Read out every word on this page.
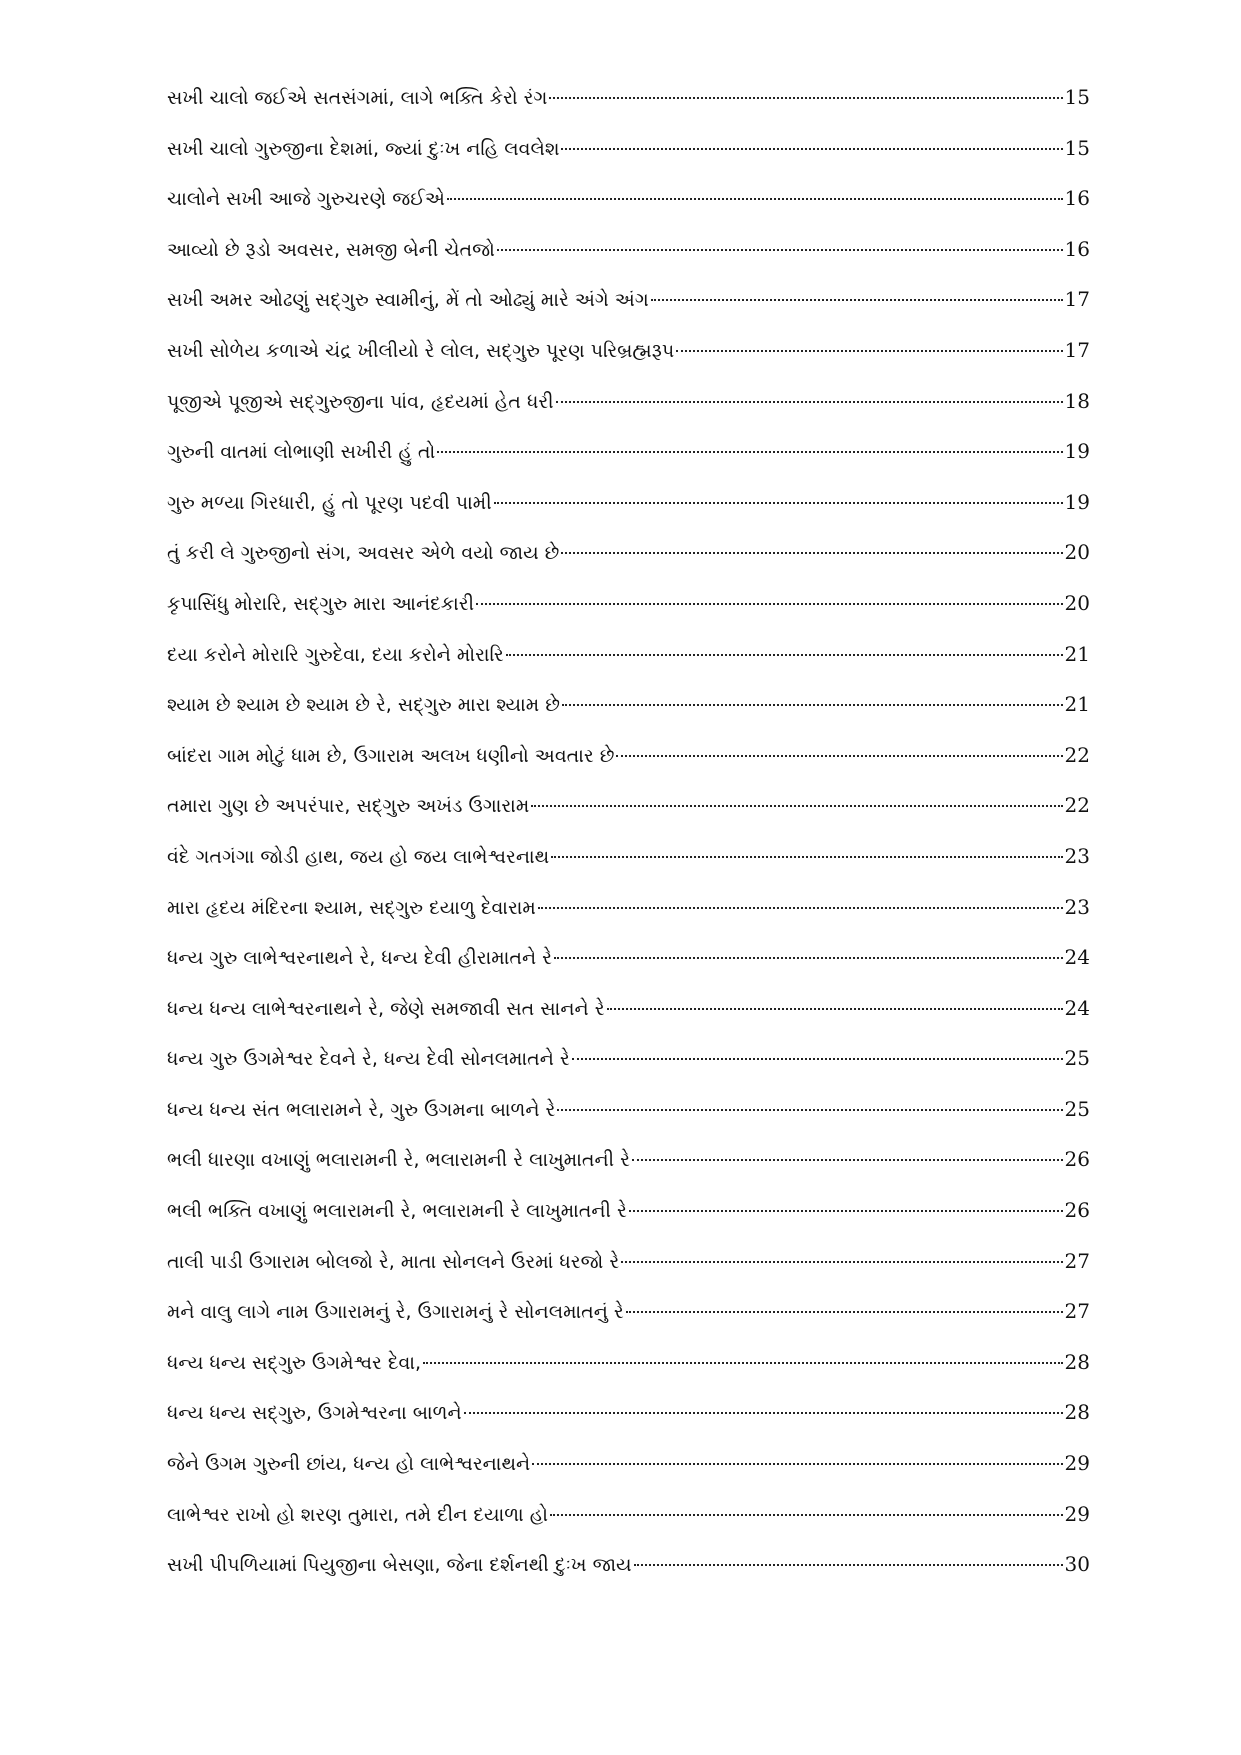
સખી ચાલો જઈએ સતસંગમાં, લાગે ભક્તિ કેરો રંગ	15
સખી ચાલો ગુરુજીના દેશમાં, જ્યાં દુઃખ નહિ લવલેશ	15
ચાલોને સખી આજે ગુરુચરણે જઈએ	16
આવ્યો છે રૂડો અવસર, સમજી બેની ચેતજો	16
સખી અમર ઓઢણું સદ્‌ગુરુ સ્વામીનું, મેં તો ઓઢ્યું મારે અંગે અંગ	17
સખી સોળેય કળાએ ચંદ્ર ખીલીયો રે લોલ, સદ્‌ગુરુ પૂરણ પરિબ્રહ્મરૂપ	17
પૂજીએ પૂજીએ સદ્‌ગુરુજીના પાંવ, હૃદયમાં હેત ધરી	18
ગુરુની વાતમાં લોભાણી સખીરી હું તો	19
ગુરુ મળ્યા ગિરધારી, હું તો પૂરણ પદવી પામી	19
તું કરી લે ગુરુજીનો સંગ, અવસર એળે વયો જાય છે	20
કૃપાસિંધુ મોરારિ, સદ્‌ગુરુ મારા આનંદકારી	20
દયા કરોને મોરારિ ગુરુદેવા, દયા કરોને મોરારિ	21
શ્યામ છે શ્યામ છે શ્યામ છે રે, સદ્‌ગુરુ મારા શ્યામ છે	21
બાંદરા ગામ મોટું ધામ છે, ઉગારામ અલખ ધણીનો અવતાર છે	22
તમારા ગુણ છે અપરંપાર, સદ્‌ગુરુ અખંડ ઉગારામ	22
વંદે ગતગંગા જોડી હાથ, જય હો જય લાભેશ્વરનાથ	23
મારા હૃદય મંદિરના શ્યામ, સદ્‌ગુરુ દયાળુ દેવારામ	23
ધન્ય ગુરુ લાભેશ્વરનાથને રે, ધન્ય દેવી હીરામાતને રે	24
ધન્ય ધન્ય લાભેશ્વરનાથને રે, જેણે સમજાવી સત સાનને રે	24
ધન્ય ગુરુ ઉગમેશ્વર દેવને રે, ધન્ય દેવી સોનલમાતને રે	25
ધન્ય ધન્ય સંત ભલારામને રે, ગુરુ ઉગમના બાળને રે	25
ભલી ધારણા વખાણું ભલારામની રે, ભલારામની રે લાખુમાતની રે	26
ભલી ભક્તિ વખાણું ભલારામની રે, ભલારામની રે લાખુમાતની રે	26
તાલી પાડી ઉગારામ બોલજો રે, માતા સોનલને ઉરમાં ધરજો રે	27
મને વાલુ લાગે નામ ઉગારામનું રે, ઉગારામનું રે સોનલમાતનું રે	27
ધન્ય ધન્ય સદ્‌ગુરુ ઉગમેશ્વર દેવા,	28
ધન્ય ધન્ય સદ્‌ગુરુ, ઉગમેશ્વરના બાળને	28
જેને ઉગમ ગુરુની છાંય, ધન્ય હો લાભેશ્વરનાથને	29
લાભેશ્વર રાખો હો શરણ તુમારા, તમે દીન દયાળા હો	29
સખી પીપળિયામાં પિયુજીના બેસણા, જેના દર્શનથી દુઃખ જાય	30
